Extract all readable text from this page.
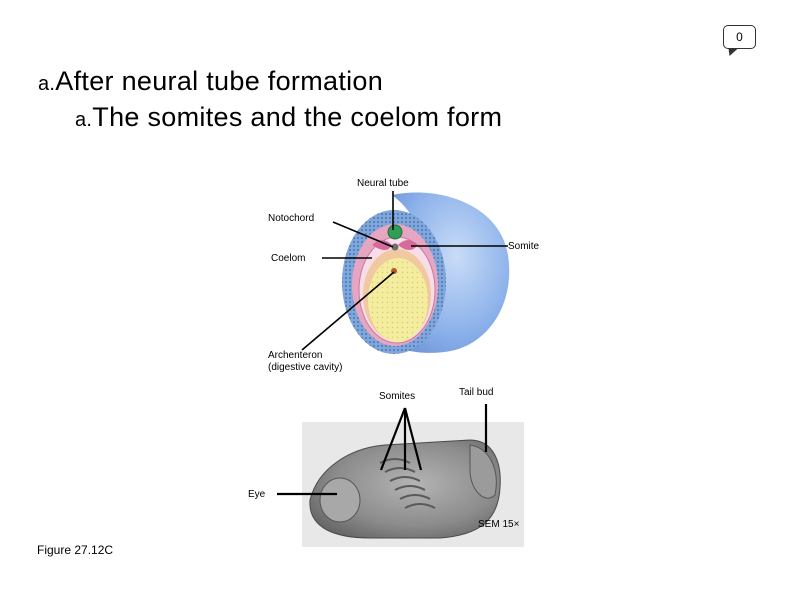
0
a.After neural tube formation
a.The somites and the coelom form
Neural tube
Notochord
Somite
Coelom
Archenteron
(digestive cavity)
Somites	Tail bud
Eye
SEM 15×
Figure 27.12C
